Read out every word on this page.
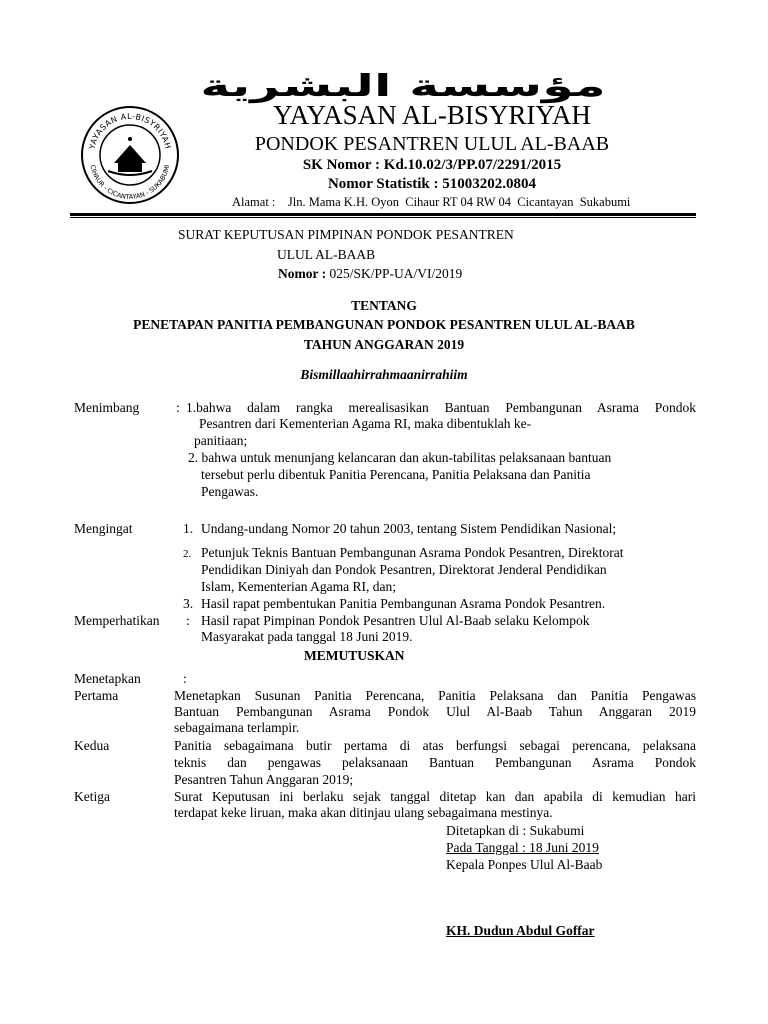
YAYASAN AL-BISYRIYAH
CIHAUR - CICANTAYAN - SUKABUMI
مؤسسة البشرية
YAYASAN AL-BISYRIYAH
PONDOK PESANTREN ULUL AL-BAAB
SK Nomor : Kd.10.02/3/PP.07/2291/2015
Nomor Statistik : 51003202.0804
Alamat :    Jln. Mama K.H. Oyon  Cihaur RT 04 RW 04  Cicantayan  Sukabumi
SURAT KEPUTUSAN PIMPINAN PONDOK PESANTREN
ULUL AL-BAAB
Nomor : 025/SK/PP-UA/VI/2019
TENTANG
PENETAPAN PANITIA PEMBANGUNAN PONDOK PESANTREN ULUL AL-BAAB
TAHUN ANGGARAN 2019
Bismillaahirrahmaanirrahiim
Menimbang	: 1.bahwa dalam rangka merealisasikan Bantuan Pembangunan Asrama Pondok
Pesantren dari Kementerian Agama RI, maka dibentuklah ke-
panitiaan;
2. bahwa untuk menunjang kelancaran dan akun-tabilitas pelaksanaan bantuan
tersebut perlu dibentuk Panitia Perencana, Panitia Pelaksana dan Panitia
Pengawas.
Mengingat	1. Undang-undang Nomor 20 tahun 2003, tentang Sistem Pendidikan Nasional;
2. Petunjuk Teknis Bantuan Pembangunan Asrama Pondok Pesantren, Direktorat
Pendidikan Diniyah dan Pondok Pesantren, Direktorat Jenderal Pendidikan
Islam, Kementerian Agama RI, dan;
3. Hasil rapat pembentukan Panitia Pembangunan Asrama Pondok Pesantren.
Memperhatikan : Hasil rapat Pimpinan Pondok Pesantren Ulul Al-Baab selaku Kelompok
Masyarakat pada tanggal 18 Juni 2019.
MEMUTUSKAN
Menetapkan	:
Pertama	Menetapkan Susunan Panitia Perencana, Panitia Pelaksana dan Panitia Pengawas
Bantuan Pembangunan Asrama Pondok Ulul Al-Baab Tahun Anggaran 2019
sebagaimana terlampir.
Kedua	Panitia sebagaimana butir pertama di atas berfungsi sebagai perencana, pelaksana
teknis dan pengawas pelaksanaan Bantuan Pembangunan Asrama Pondok
Pesantren Tahun Anggaran 2019;
Ketiga	Surat Keputusan ini berlaku sejak tanggal ditetap kan dan apabila di kemudian hari
terdapat keke liruan, maka akan ditinjau ulang sebagaimana mestinya.
Ditetapkan di : Sukabumi
Pada Tanggal : 18 Juni 2019
Kepala Ponpes Ulul Al-Baab
KH. Dudun Abdul Goffar
